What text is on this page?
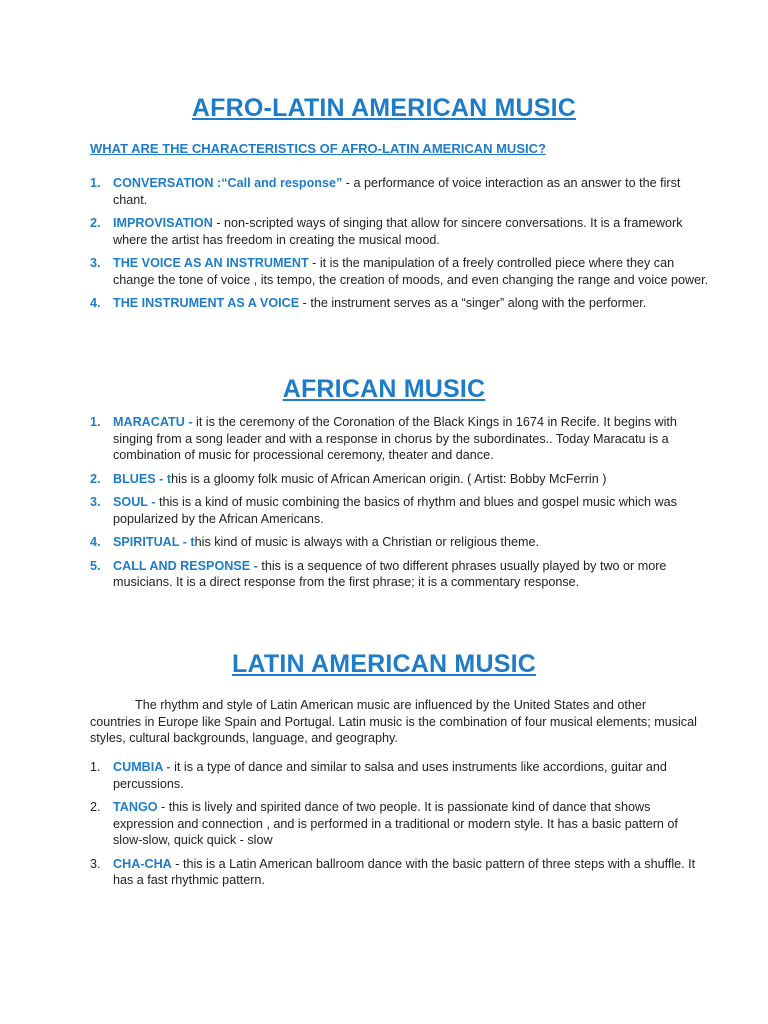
AFRO-LATIN AMERICAN MUSIC
WHAT ARE THE CHARACTERISTICS OF AFRO-LATIN AMERICAN MUSIC?
1. CONVERSATION :“Call and response” - a performance of voice interaction as an answer to the first chant.
2. IMPROVISATION - non-scripted ways of singing that allow for sincere conversations. It is a framework where the artist has freedom in creating the musical mood.
3. THE VOICE AS AN INSTRUMENT - it is the manipulation of a freely controlled piece where they can change the tone of voice , its tempo, the creation of moods, and even changing the range and voice power.
4. THE INSTRUMENT AS A VOICE - the instrument serves as a “singer” along with the performer.
AFRICAN MUSIC
1. MARACATU - it is the ceremony of the Coronation of the Black Kings in 1674 in Recife. It begins with singing from a song leader and with a response in chorus by the subordinates.. Today Maracatu is a combination of music for processional ceremony, theater and dance.
2. BLUES - this is a gloomy folk music of African American origin. ( Artist: Bobby McFerrin )
3. SOUL - this is a kind of music combining the basics of rhythm and blues and gospel music which was popularized by the African Americans.
4. SPIRITUAL - this kind of music is always with a Christian or religious theme.
5. CALL AND RESPONSE - this is a sequence of two different phrases usually played by two or more musicians. It is a direct response from the first phrase; it is a commentary response.
LATIN AMERICAN MUSIC
The rhythm and style of Latin American music are influenced by the United States and other countries in Europe like Spain and Portugal. Latin music is the combination of four musical elements; musical styles, cultural backgrounds, language, and geography.
1. CUMBIA - it is a type of dance and similar to salsa and uses instruments like accordions, guitar and percussions.
2. TANGO - this is lively and spirited dance of two people. It is passionate kind of dance that shows expression and connection , and is performed in a traditional or modern style. It has a basic pattern of slow-slow, quick quick - slow
3. CHA-CHA - this is a Latin American ballroom dance with the basic pattern of three steps with a shuffle. It has a fast rhythmic pattern.
